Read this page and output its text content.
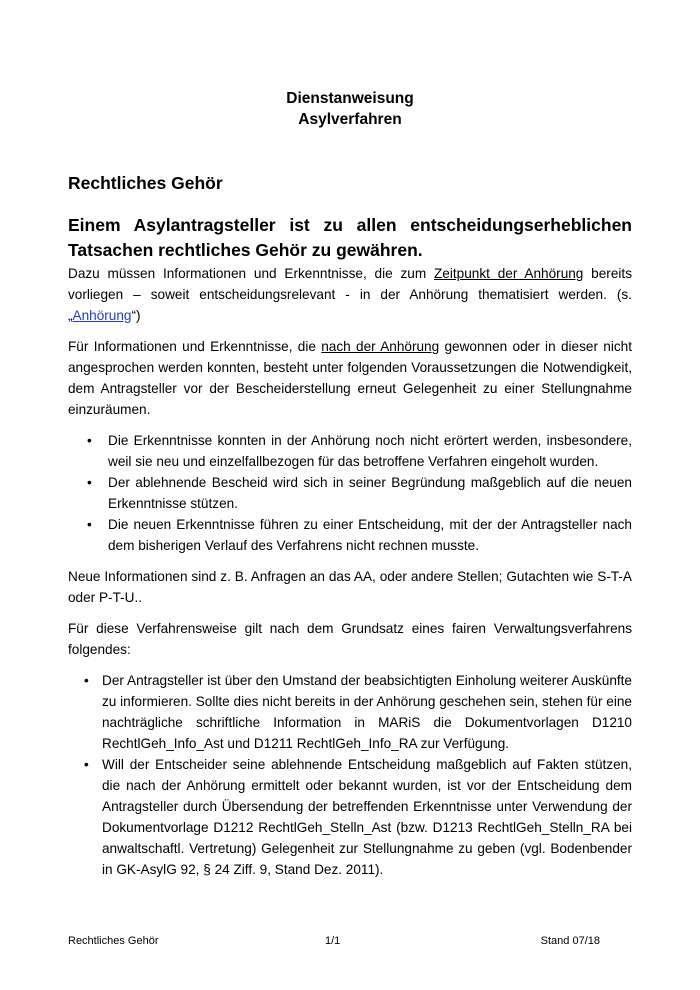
Dienstanweisung
Asylverfahren
Rechtliches Gehör
Einem Asylantragsteller ist zu allen entscheidungserheblichen Tatsachen rechtliches Gehör zu gewähren.

Dazu müssen Informationen und Erkenntnisse, die zum Zeitpunkt der Anhörung bereits vorliegen – soweit entscheidungsrelevant - in der Anhörung thematisiert werden. (s. „Anhörung“)

Für Informationen und Erkenntnisse, die nach der Anhörung gewonnen oder in dieser nicht angesprochen werden konnten, besteht unter folgenden Voraussetzungen die Notwendigkeit, dem Antragsteller vor der Bescheiderstellung erneut Gelegenheit zu einer Stellungnahme einzuräumen.

• Die Erkenntnisse konnten in der Anhörung noch nicht erörtert werden, insbesondere, weil sie neu und einzelfallbezogen für das betroffene Verfahren eingeholt wurden.
• Der ablehnende Bescheid wird sich in seiner Begründung maßgeblich auf die neuen Erkenntnisse stützen.
• Die neuen Erkenntnisse führen zu einer Entscheidung, mit der der Antragsteller nach dem bisherigen Verlauf des Verfahrens nicht rechnen musste.

Neue Informationen sind z. B. Anfragen an das AA, oder andere Stellen; Gutachten wie S-T-A oder P-T-U..

Für diese Verfahrensweise gilt nach dem Grundsatz eines fairen Verwaltungsverfahrens folgendes:

• Der Antragsteller ist über den Umstand der beabsichtigten Einholung weiterer Auskünfte zu informieren. Sollte dies nicht bereits in der Anhörung geschehen sein, stehen für eine nachträgliche schriftliche Information in MARiS die Dokumentvorlagen D1210 RechtlGeh_Info_Ast und D1211 RechtlGeh_Info_RA zur Verfügung.
• Will der Entscheider seine ablehnende Entscheidung maßgeblich auf Fakten stützen, die nach der Anhörung ermittelt oder bekannt wurden, ist vor der Entscheidung dem Antragsteller durch Übersendung der betreffenden Erkenntnisse unter Verwendung der Dokumentvorlage D1212 RechtlGeh_Stelln_Ast (bzw. D1213 RechtlGeh_Stelln_RA bei anwaltschaftl. Vertretung) Gelegenheit zur Stellungnahme zu geben (vgl. Bodenbender in GK-AsylG 92, § 24 Ziff. 9, Stand Dez. 2011).
Rechtliches Gehör	1/1	Stand 07/18
